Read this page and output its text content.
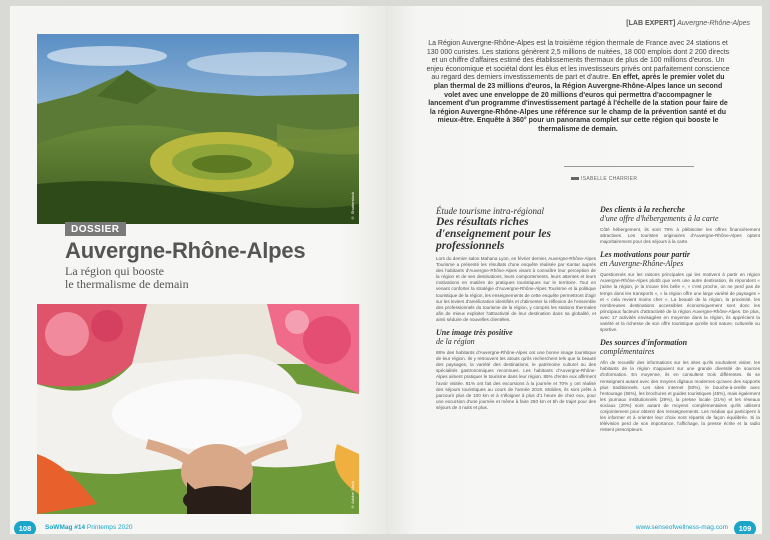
© Shutterstock
DOSSIER
Auvergne-Rhône-Alpes
La région qui booste
le thermalisme de demain
© Adobe Stock
108	SoWMag #14 Printemps 2020
[LAB EXPERT] Auvergne-Rhône-Alpes
La Région Auvergne-Rhône-Alpes est la troisième région thermale de France avec 24 stations et 130 000 curistes. Les stations génèrent 2,5 millions de nuitées, 18 000 emplois dont 2 200 directs et un chiffre d'affaires estimé des établissements thermaux de plus de 100 millions d'euros. Un enjeu économique et sociétal dont les élus et les investisseurs privés ont parfaitement conscience au regard des derniers investissements de part et d'autre. En effet, après le premier volet du plan thermal de 23 millions d'euros, la Région Auvergne-Rhône-Alpes lance un second volet avec une enveloppe de 20 millions d'euros qui permettra d'accompagner le lancement d'un programme d'investissement partagé à l'échelle de la station pour faire de la région Auvergne-Rhône-Alpes une référence sur le champ de la prévention santé et du mieux-être. Enquête à 360° pour un panorama complet sur cette région qui booste le thermalisme de demain.
ISABELLE CHARRIER
Étude tourisme intra-régional
Des résultats riches d'enseignement pour les professionnels

Lors du dernier salon Mahana Lyon, en février dernier, Auvergne-Rhône-Alpes Tourisme a présenté les résultats d'une enquête réalisée par Kantar auprès des habitants d'Auvergne-Rhône-Alpes visant à connaître leur perception de la région et de ses destinations, leurs comportements, leurs attentes et leurs motivations en matière de pratiques touristiques sur le territoire. Tout en venant conforter la stratégie d'Auvergne-Rhône-Alpes Tourisme et la politique touristique de la région, les enseignements de cette enquête permettront d'agir sur les leviers d'amélioration identifiés et d'alimenter la réflexion de l'ensemble des professionnels du tourisme de la région, y compris les stations thermales afin de mieux exploiter l'attractivité de leur destination dans sa globalité, et ainsi séduire de nouvelles clientèles.

Une image très positive
de la région

88% des habitants d'Auvergne-Rhône-Alpes ont une bonne image touristique de leur région. Ils y retrouvent les atouts qu'ils recherchent tels que la beauté des paysages, la variété des destinations, le patrimoine culturel ou des spécialités gastronomiques reconnues. Les habitants d'Auvergne-Rhône-Alpes aiment pratiquer le tourisme dans leur région. 85% d'entre eux affirment l'avoir visitée. 81% ont fait des excursions à la journée et 70% y ont réalisé des séjours touristiques au cours de l'année 2019. Mobiles, ils sont prêts à parcourir plus de 100 km et à s'éloigner à plus d'1 heure de chez eux, pour une excursion d'une journée et même à faire 250 km et 5h de trajet pour des séjours de 4 nuits et plus.

Des clients à la recherche
d'une offre d'hébergements à la carte

Côté hébergement, ils sont 79% à plébisciter les offres financièrement attractives. Les touristes originaires d'Auvergne-Rhône-Alpes optent majoritairement pour des séjours à la carte.

Les motivations pour partir
en Auvergne-Rhône-Alpes

Questionnés sur les raisons principales qui les motivent à partir en région Auvergne-Rhône-Alpes plutôt que vers une autre destination, ils répondent « j'aime la région, je la trouve très belle », « c'est proche, on ne perd pas de temps dans les transports », « la région offre une large variété de paysages » et « cela revient moins cher ». La beauté de la région, la proximité, les nombreuses destinations accessibles économiquement sont donc les principaux facteurs d'attractivité de la région Auvergne-Rhône-Alpes. De plus, avec 17 activités envisagées en moyenne dans la région, ils apprécient la variété et la richesse de son offre touristique qu'elle soit nature, culturelle ou sportive.

Des sources d'information
complémentaires

Afin de recueillir des informations sur les sites qu'ils souhaitent visiter, les habitants de la région s'appuient sur une grande diversité de sources d'information. En moyenne, ils en consultent trois différentes. Ils se renseignent autant avec des moyens digitaux modernes qu'avec des supports plus traditionnels. Les sites internet (50%), le bouche-à-oreille avec l'entourage (56%), les brochures et guides touristiques (45%), mais également les journaux institutionnels (29%), la presse locale (21%) et les réseaux sociaux (20%) sont autant de moyens complémentaires qu'ils utilisent conjointement pour obtenir des renseignements. Les médias qui participent à les informer et à orienter leur choix sont répartis de façon équilibrée. Si la télévision perd de son importance, l'affichage, la presse écrite et la radio restent prescripteurs.

www.senseofwellness-mag.com	109
